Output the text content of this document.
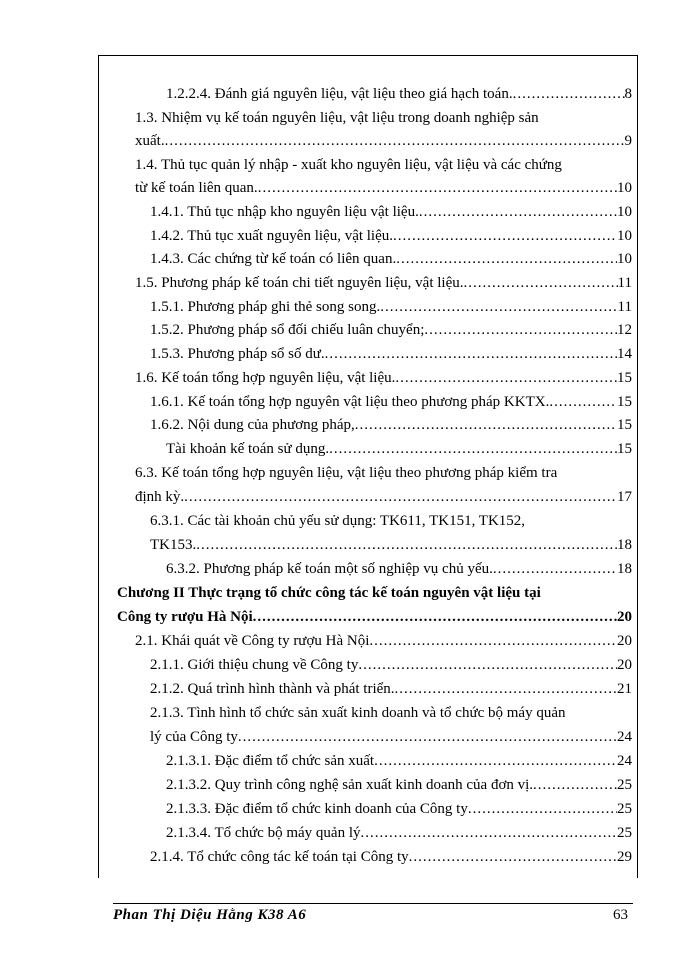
1.2.2.4. Đánh giá nguyên liệu, vật liệu theo giá hạch toán. .....	8
1.3. Nhiệm vụ kế toán nguyên liệu, vật liệu trong doanh nghiệp sản
xuất. .....	9
1.4. Thủ tục quản lý nhập - xuất kho nguyên liệu, vật liệu và các chứng
từ kế toán liên quan. .....	10
1.4.1. Thủ tục nhập kho nguyên liệu vật liệu. .....	10
1.4.2. Thủ tục xuất nguyên liệu, vật liệu. .....	10
1.4.3. Các chứng từ kế toán có liên quan. .....	10
1.5. Phương pháp kế toán chi tiết nguyên liệu, vật liệu. .....	11
1.5.1. Phương pháp ghi thẻ song song. .....	11
1.5.2. Phương pháp sổ đối chiếu luân chuyển; .....	12
1.5.3. Phương pháp sổ số dư. .....	14
1.6. Kế toán tổng hợp nguyên liệu, vật liệu. .....	15
1.6.1. Kế toán tổng hợp nguyên vật liệu theo phương pháp KKTX. .....	15
1.6.2. Nội dung của phương pháp, .....	15
Tài khoản kế toán sử dụng. .....	15
6.3. Kế toán tổng hợp nguyên liệu, vật liệu theo phương pháp kiểm tra
định kỳ. .....	17
6.3.1. Các tài khoản chủ yếu sử dụng: TK611, TK151, TK152,
TK153. .....	18
6.3.2. Phương pháp kế toán một số nghiệp vụ chủ yếu. .....	18
Chương II Thực trạng tổ chức công tác kế toán nguyên vật liệu tại
Công ty rượu Hà Nội .....	20
2.1. Khái quát về Công ty rượu Hà Nội .....	20
2.1.1. Giới thiệu chung về Công ty .....	20
2.1.2. Quá trình hình thành và phát triển. .....	21
2.1.3. Tình hình tổ chức sản xuất kinh doanh và tổ chức bộ máy quản
lý của Công ty .....	24
2.1.3.1. Đặc điểm tổ chức sản xuất .....	24
2.1.3.2. Quy trình công nghệ sản xuất kinh doanh của đơn vị. .....	25
2.1.3.3. Đặc điểm tổ chức kinh doanh của Công ty .....	25
2.1.3.4. Tổ chức bộ máy quản lý .....	25
2.1.4. Tổ chức công tác kế toán tại Công ty .....	29
Phan Thị Diệu Hằng K38 A6	63
